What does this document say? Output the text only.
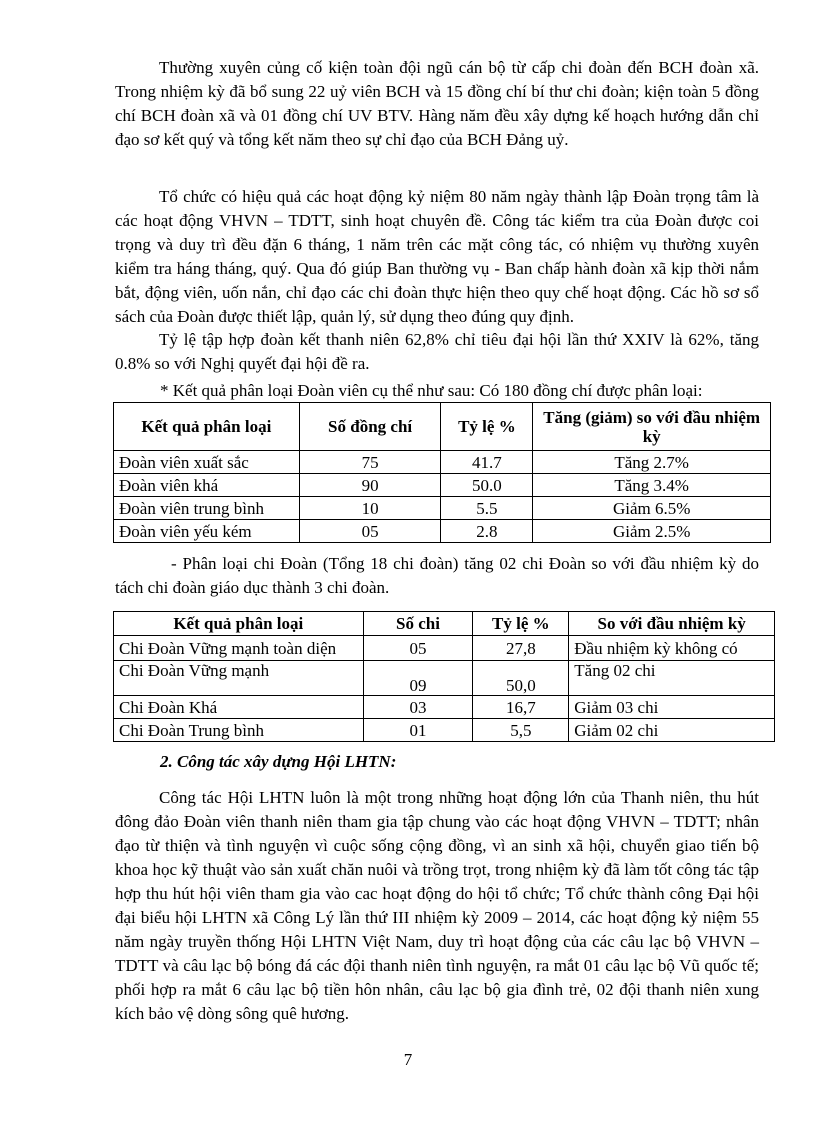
Thường xuyên củng cố kiện toàn đội ngũ cán bộ từ cấp chi đoàn đến BCH đoàn xã. Trong nhiệm kỳ đã bổ sung 22 uỷ viên BCH và 15 đồng chí bí thư chi đoàn; kiện toàn 5 đồng chí BCH đoàn xã và 01 đồng chí UV BTV. Hàng năm đều xây dựng kế hoạch hướng dẫn chỉ đạo sơ kết quý và tổng kết năm theo sự chỉ đạo của BCH Đảng uỷ.

Tổ chức có hiệu quả các hoạt động kỷ niệm 80 năm ngày thành lập Đoàn trọng tâm là các hoạt động VHVN – TDTT, sinh hoạt chuyên đề. Công tác kiểm tra của Đoàn được coi trọng và duy trì đều đặn 6 tháng, 1 năm trên các mặt công tác, có nhiệm vụ thường xuyên kiểm tra háng tháng, quý. Qua đó giúp Ban thường vụ - Ban chấp hành đoàn xã kịp thời nắm bắt, động viên, uốn nắn, chỉ đạo các chi đoàn thực hiện theo quy chế hoạt động. Các hồ sơ sổ sách của Đoàn được thiết lập, quản lý, sử dụng theo đúng quy định.

Tỷ lệ tập hợp đoàn kết thanh niên 62,8% chỉ tiêu đại hội lần thứ XXIV là 62%, tăng 0.8% so với Nghị quyết đại hội đề ra.

* Kết quả phân loại Đoàn viên cụ thể như sau: Có 180 đồng chí được phân loại:

Kết quả phân loại	Số đồng chí	Tỷ lệ %	Tăng (giảm) so với đầu nhiệm kỳ
Đoàn viên xuất sắc	75	41.7	Tăng 2.7%
Đoàn viên khá	90	50.0	Tăng 3.4%
Đoàn viên trung bình	10	5.5	Giảm 6.5%
Đoàn viên yếu kém	05	2.8	Giảm 2.5%

- Phân loại chi Đoàn (Tổng 18 chi đoàn) tăng 02 chi Đoàn so với đầu nhiệm kỳ do tách chi đoàn giáo dục thành 3 chi đoàn.

Kết quả phân loại	Số chi	Tỷ lệ %	So với đầu nhiệm kỳ
Chi Đoàn Vững mạnh toàn diện	05	27,8	Đầu nhiệm kỳ không có
Chi Đoàn Vững mạnh	09	50,0	Tăng 02 chi
Chi Đoàn Khá	03	16,7	Giảm 03 chi
Chi Đoàn Trung bình	01	5,5	Giảm 02 chi

2. Công tác xây dựng Hội LHTN:

Công tác Hội LHTN luôn là một trong những hoạt động lớn của Thanh niên, thu hút đông đảo Đoàn viên thanh niên tham gia tập chung vào các hoạt động VHVN – TDTT; nhân đạo từ thiện và tình nguyện vì cuộc sống cộng đồng, vì an sinh xã hội, chuyển giao tiến bộ khoa học kỹ thuật vào sản xuất chăn nuôi và trồng trọt, trong nhiệm kỳ đã làm tốt công tác tập hợp thu hút hội viên tham gia vào cac hoạt động do hội tổ chức; Tổ chức thành công Đại hội đại biểu hội LHTN xã Công Lý lần thứ III nhiệm kỳ 2009 – 2014, các hoạt động kỷ niệm 55 năm ngày truyền thống Hội LHTN Việt Nam, duy trì hoạt động của các câu lạc bộ VHVN – TDTT và câu lạc bộ bóng đá các đội thanh niên tình nguyện, ra mắt 01 câu lạc bộ Vũ quốc tế; phối hợp ra mắt 6 câu lạc bộ tiền hôn nhân, câu lạc bộ gia đình trẻ, 02 đội thanh niên xung kích bảo vệ dòng sông quê hương.

7
